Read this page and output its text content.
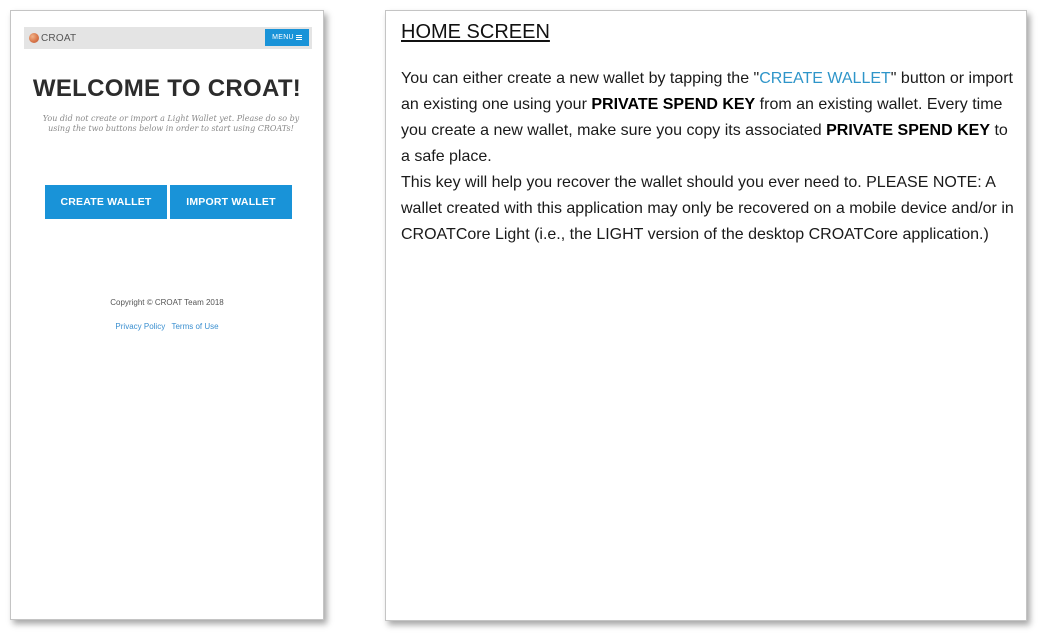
CROAT	MENU
WELCOME TO CROAT!
You did not create or import a Light Wallet yet. Please do so by using the two buttons below in order to start using CROATs!
CREATE WALLET	IMPORT WALLET
Copyright © CROAT Team 2018
Privacy Policy Terms of Use
HOME SCREEN

You can either create a new wallet by tapping the "CREATE WALLET" button or import an existing one using your PRIVATE SPEND KEY from an existing wallet. Every time you create a new wallet, make sure you copy its associated PRIVATE SPEND KEY to a safe place.
This key will help you recover the wallet should you ever need to. PLEASE NOTE: A wallet created with this application may only be recovered on a mobile device and/or in CROATCore Light (i.e., the LIGHT version of the desktop CROATCore application.)
